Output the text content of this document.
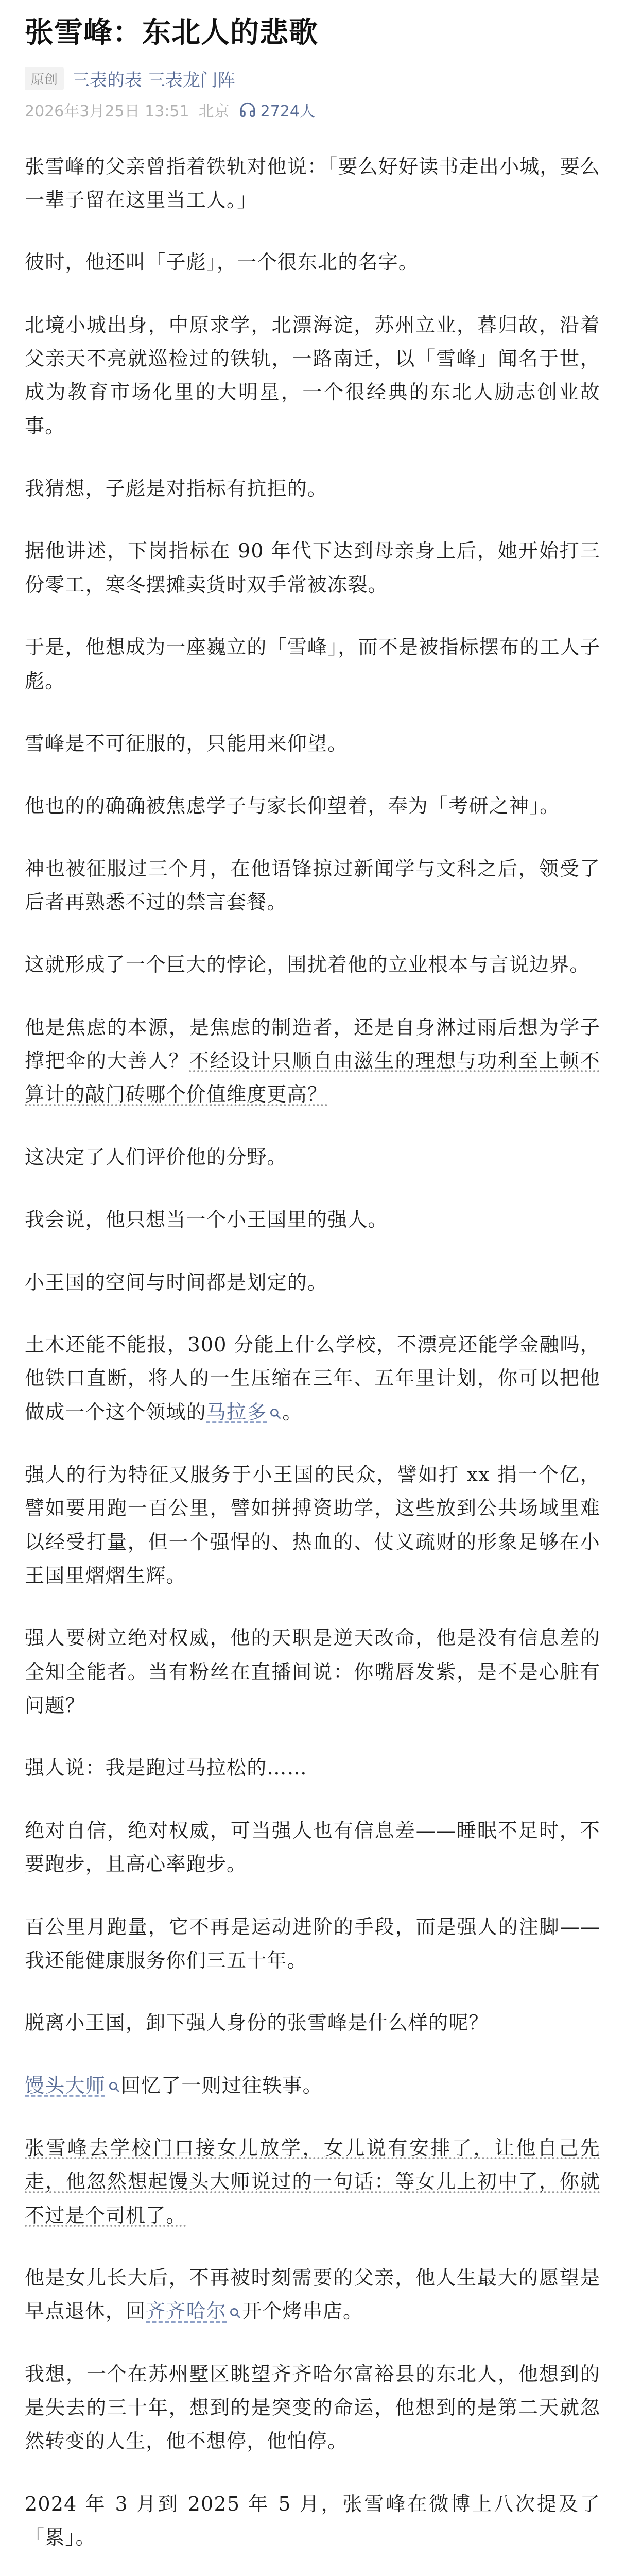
张雪峰：东北人的悲歌
原创 三表的表 三表龙门阵
2026年3月25日 13:51 北京 2724人

张雪峰的父亲曾指着铁轨对他说：「要么好好读书走出小城，要么一辈子留在这里当工人。」

彼时，他还叫「子彪」，一个很东北的名字。

北境小城出身，中原求学，北漂海淀，苏州立业，暮归故，沿着父亲天不亮就巡检过的铁轨，一路南迁，以「雪峰」闻名于世，成为教育市场化里的大明星，一个很经典的东北人励志创业故事。

我猜想，子彪是对指标有抗拒的。

据他讲述，下岗指标在 90 年代下达到母亲身上后，她开始打三份零工，寒冬摆摊卖货时双手常被冻裂。

于是，他想成为一座巍立的「雪峰」，而不是被指标摆布的工人子彪。

雪峰是不可征服的，只能用来仰望。

他也的的确确被焦虑学子与家长仰望着，奉为「考研之神」。

神也被征服过三个月，在他语锋掠过新闻学与文科之后，领受了后者再熟悉不过的禁言套餐。

这就形成了一个巨大的悖论，围扰着他的立业根本与言说边界。

他是焦虑的本源，是焦虑的制造者，还是自身淋过雨后想为学子撑把伞的大善人？不经设计只顺自由滋生的理想与功利至上顿不算计的敲门砖哪个价值维度更高？

这决定了人们评价他的分野。

我会说，他只想当一个小王国里的强人。

小王国的空间与时间都是划定的。

土木还能不能报，300 分能上什么学校，不漂亮还能学金融吗，他铁口直断，将人的一生压缩在三年、五年里计划，你可以把他做成一个这个领域的马拉多 。

强人的行为特征又服务于小王国的民众，譬如打 xx 捐一个亿，譬如要用跑一百公里，譬如拼搏资助学，这些放到公共场域里难以经受打量，但一个强悍的、热血的、仗义疏财的形象足够在小王国里熠熠生辉。

强人要树立绝对权威，他的天职是逆天改命，他是没有信息差的全知全能者。当有粉丝在直播间说：你嘴唇发紫，是不是心脏有问题？

强人说：我是跑过马拉松的……

绝对自信，绝对权威，可当强人也有信息差——睡眠不足时，不要跑步，且高心率跑步。

百公里月跑量，它不再是运动进阶的手段，而是强人的注脚——我还能健康服务你们三五十年。

脱离小王国，卸下强人身份的张雪峰是什么样的呢？

馒头大师 回忆了一则过往轶事。

张雪峰去学校门口接女儿放学，女儿说有安排了，让他自己先走，他忽然想起馒头大师说过的一句话：等女儿上初中了，你就不过是个司机了。

他是女儿长大后，不再被时刻需要的父亲，他人生最大的愿望是早点退休，回齐齐哈尔 开个烤串店。

我想，一个在苏州墅区眺望齐齐哈尔富裕县的东北人，他想到的是失去的三十年，想到的是突变的命运，他想到的是第二天就忽然转变的人生，他不想停，他怕停。

2024 年 3 月到 2025 年 5 月，张雪峰在微博上八次提及了「累」。
